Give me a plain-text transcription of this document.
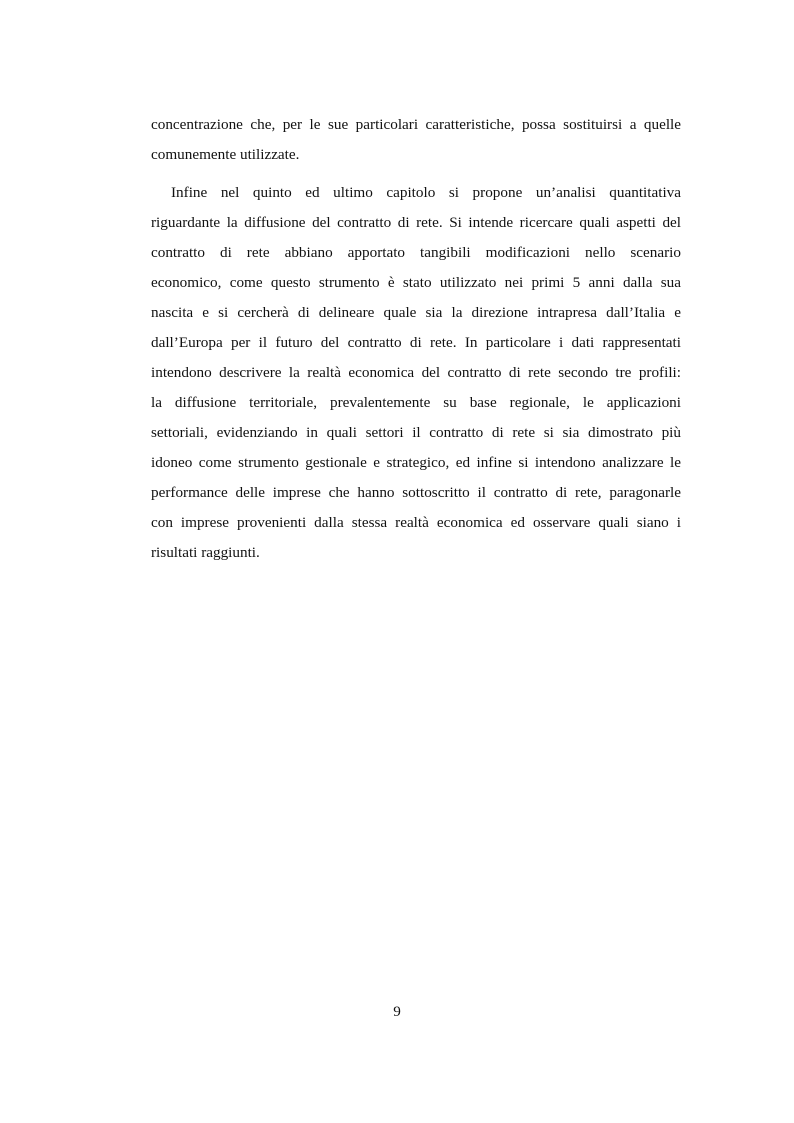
concentrazione che, per le sue particolari caratteristiche, possa sostituirsi a quelle
comunemente utilizzate.
Infine nel quinto ed ultimo capitolo si propone un’analisi quantitativa
riguardante la diffusione del contratto di rete. Si intende ricercare quali aspetti del
contratto di rete abbiano apportato tangibili modificazioni nello scenario
economico, come questo strumento è stato utilizzato nei primi 5 anni dalla sua
nascita e si cercherà di delineare quale sia la direzione intrapresa dall’Italia e
dall’Europa per il futuro del contratto di rete. In particolare i dati rappresentati
intendono descrivere la realtà economica del contratto di rete secondo tre profili:
la diffusione territoriale, prevalentemente su base regionale, le applicazioni
settoriali, evidenziando in quali settori il contratto di rete si sia dimostrato più
idoneo come strumento gestionale e strategico, ed infine si intendono analizzare le
performance delle imprese che hanno sottoscritto il contratto di rete, paragonarle
con imprese provenienti dalla stessa realtà economica ed osservare quali siano i
risultati raggiunti.
9
